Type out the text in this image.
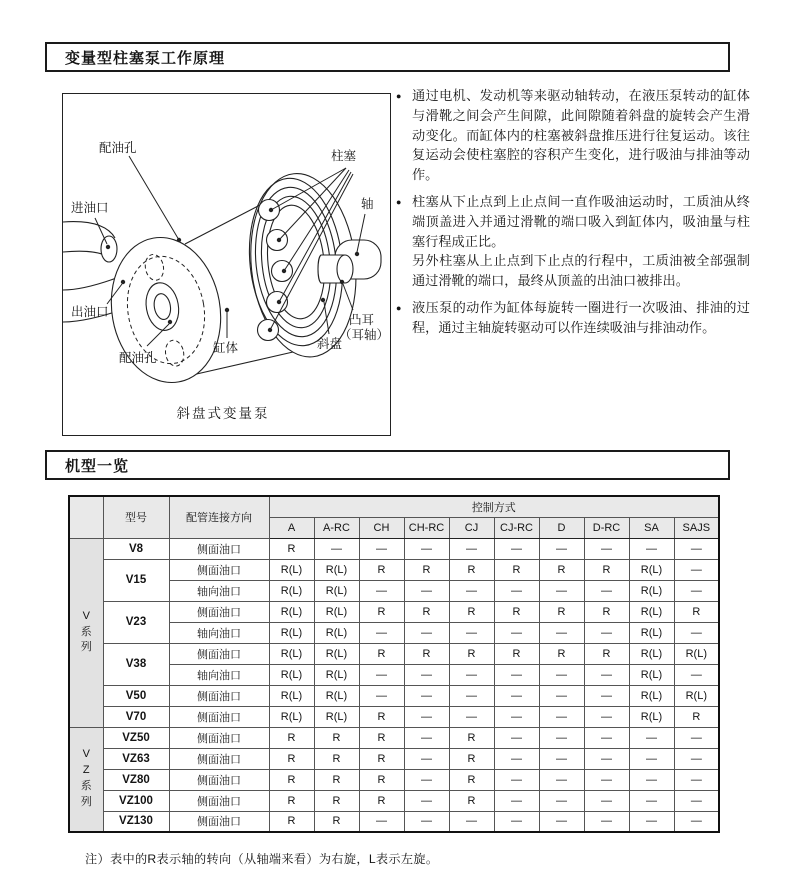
变量型柱塞泵工作原理
配油孔
柱塞
进油口	轴
出油口
配油孔
缸体	斜盘
凸耳
（耳轴）
斜盘式变量泵
● 通过电机、发动机等来驱动轴转动，在液压泵转动的缸体与滑靴之间会产生间隙，此间隙随着斜盘的旋转会产生滑动变化。而缸体内的柱塞被斜盘推压进行往复运动。该往复运动会使柱塞腔的容积产生变化，进行吸油与排油等动作。
● 柱塞从下止点到上止点间一直作吸油运动时，工质油从终端顶盖进入并通过滑靴的端口吸入到缸体内，吸油量与柱塞行程成正比。
另外柱塞从上止点到下止点的行程中，工质油被全部强制通过滑靴的端口，最终从顶盖的出油口被排出。
● 液压泵的动作为缸体每旋转一圈进行一次吸油、排油的过程，通过主轴旋转驱动可以作连续吸油与排油动作。
机型一览
	型号	配管连接方向	控制方式									
			A	A-RC	CH	CH-RC	CJ	CJ-RC	D	D-RC	SA	SAJS

V
系
列	V8	侧面油口	R	—	—	—	—	—	—	—	—	—
	V15	侧面油口	R(L)	R(L)	R	R	R	R	R	R	R(L)	—
		轴向油口	R(L)	R(L)	—	—	—	—	—	—	R(L)	—
	V23	侧面油口	R(L)	R(L)	R	R	R	R	R	R	R(L)	R
		轴向油口	R(L)	R(L)	—	—	—	—	—	—	R(L)	—
	V38	侧面油口	R(L)	R(L)	R	R	R	R	R	R	R(L)	R(L)
		轴向油口	R(L)	R(L)	—	—	—	—	—	—	R(L)	—
	V50	侧面油口	R(L)	R(L)	—	—	—	—	—	—	R(L)	R(L)
	V70	侧面油口	R(L)	R(L)	R	—	—	—	—	—	R(L)	R

V
Z
系
列	VZ50	侧面油口	R	R	R	—	R	—	—	—	—	—
	VZ63	侧面油口	R	R	R	—	R	—	—	—	—	—
	VZ80	侧面油口	R	R	R	—	R	—	—	—	—	—
	VZ100	侧面油口	R	R	R	—	R	—	—	—	—	—
	VZ130	侧面油口	R	R	—	—	—	—	—	—	—	—
注）表中的R表示轴的转向（从轴端来看）为右旋，L表示左旋。
